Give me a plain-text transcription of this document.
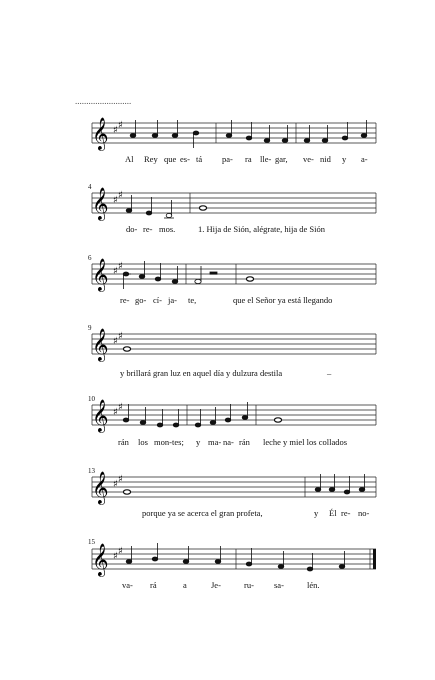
.........................
𝄞 ♯ ♯
Al Rey que es- tá pa- ra lle- gar, ve- nid y a-
4 𝄞 ♯ ♯
do- re- mos.	1. Hija de Sión, alégrate, hija de Sión
6 𝄞 ♯ ♯
re- go- cí- ja- te,	que el Señor ya está llegando
9 𝄞 ♯ ♯
y brillará gran luz en aquel día y dulzura destila	–
10
𝄞 ♯ ♯
rán los mon- tes; y ma- na- rán leche y miel los collados
13
𝄞 ♯ ♯
porque ya se acerca el gran profeta,	y Él re- no-
15
𝄞 ♯ ♯
va- rá	a	Je-	ru- sa-	lén.
